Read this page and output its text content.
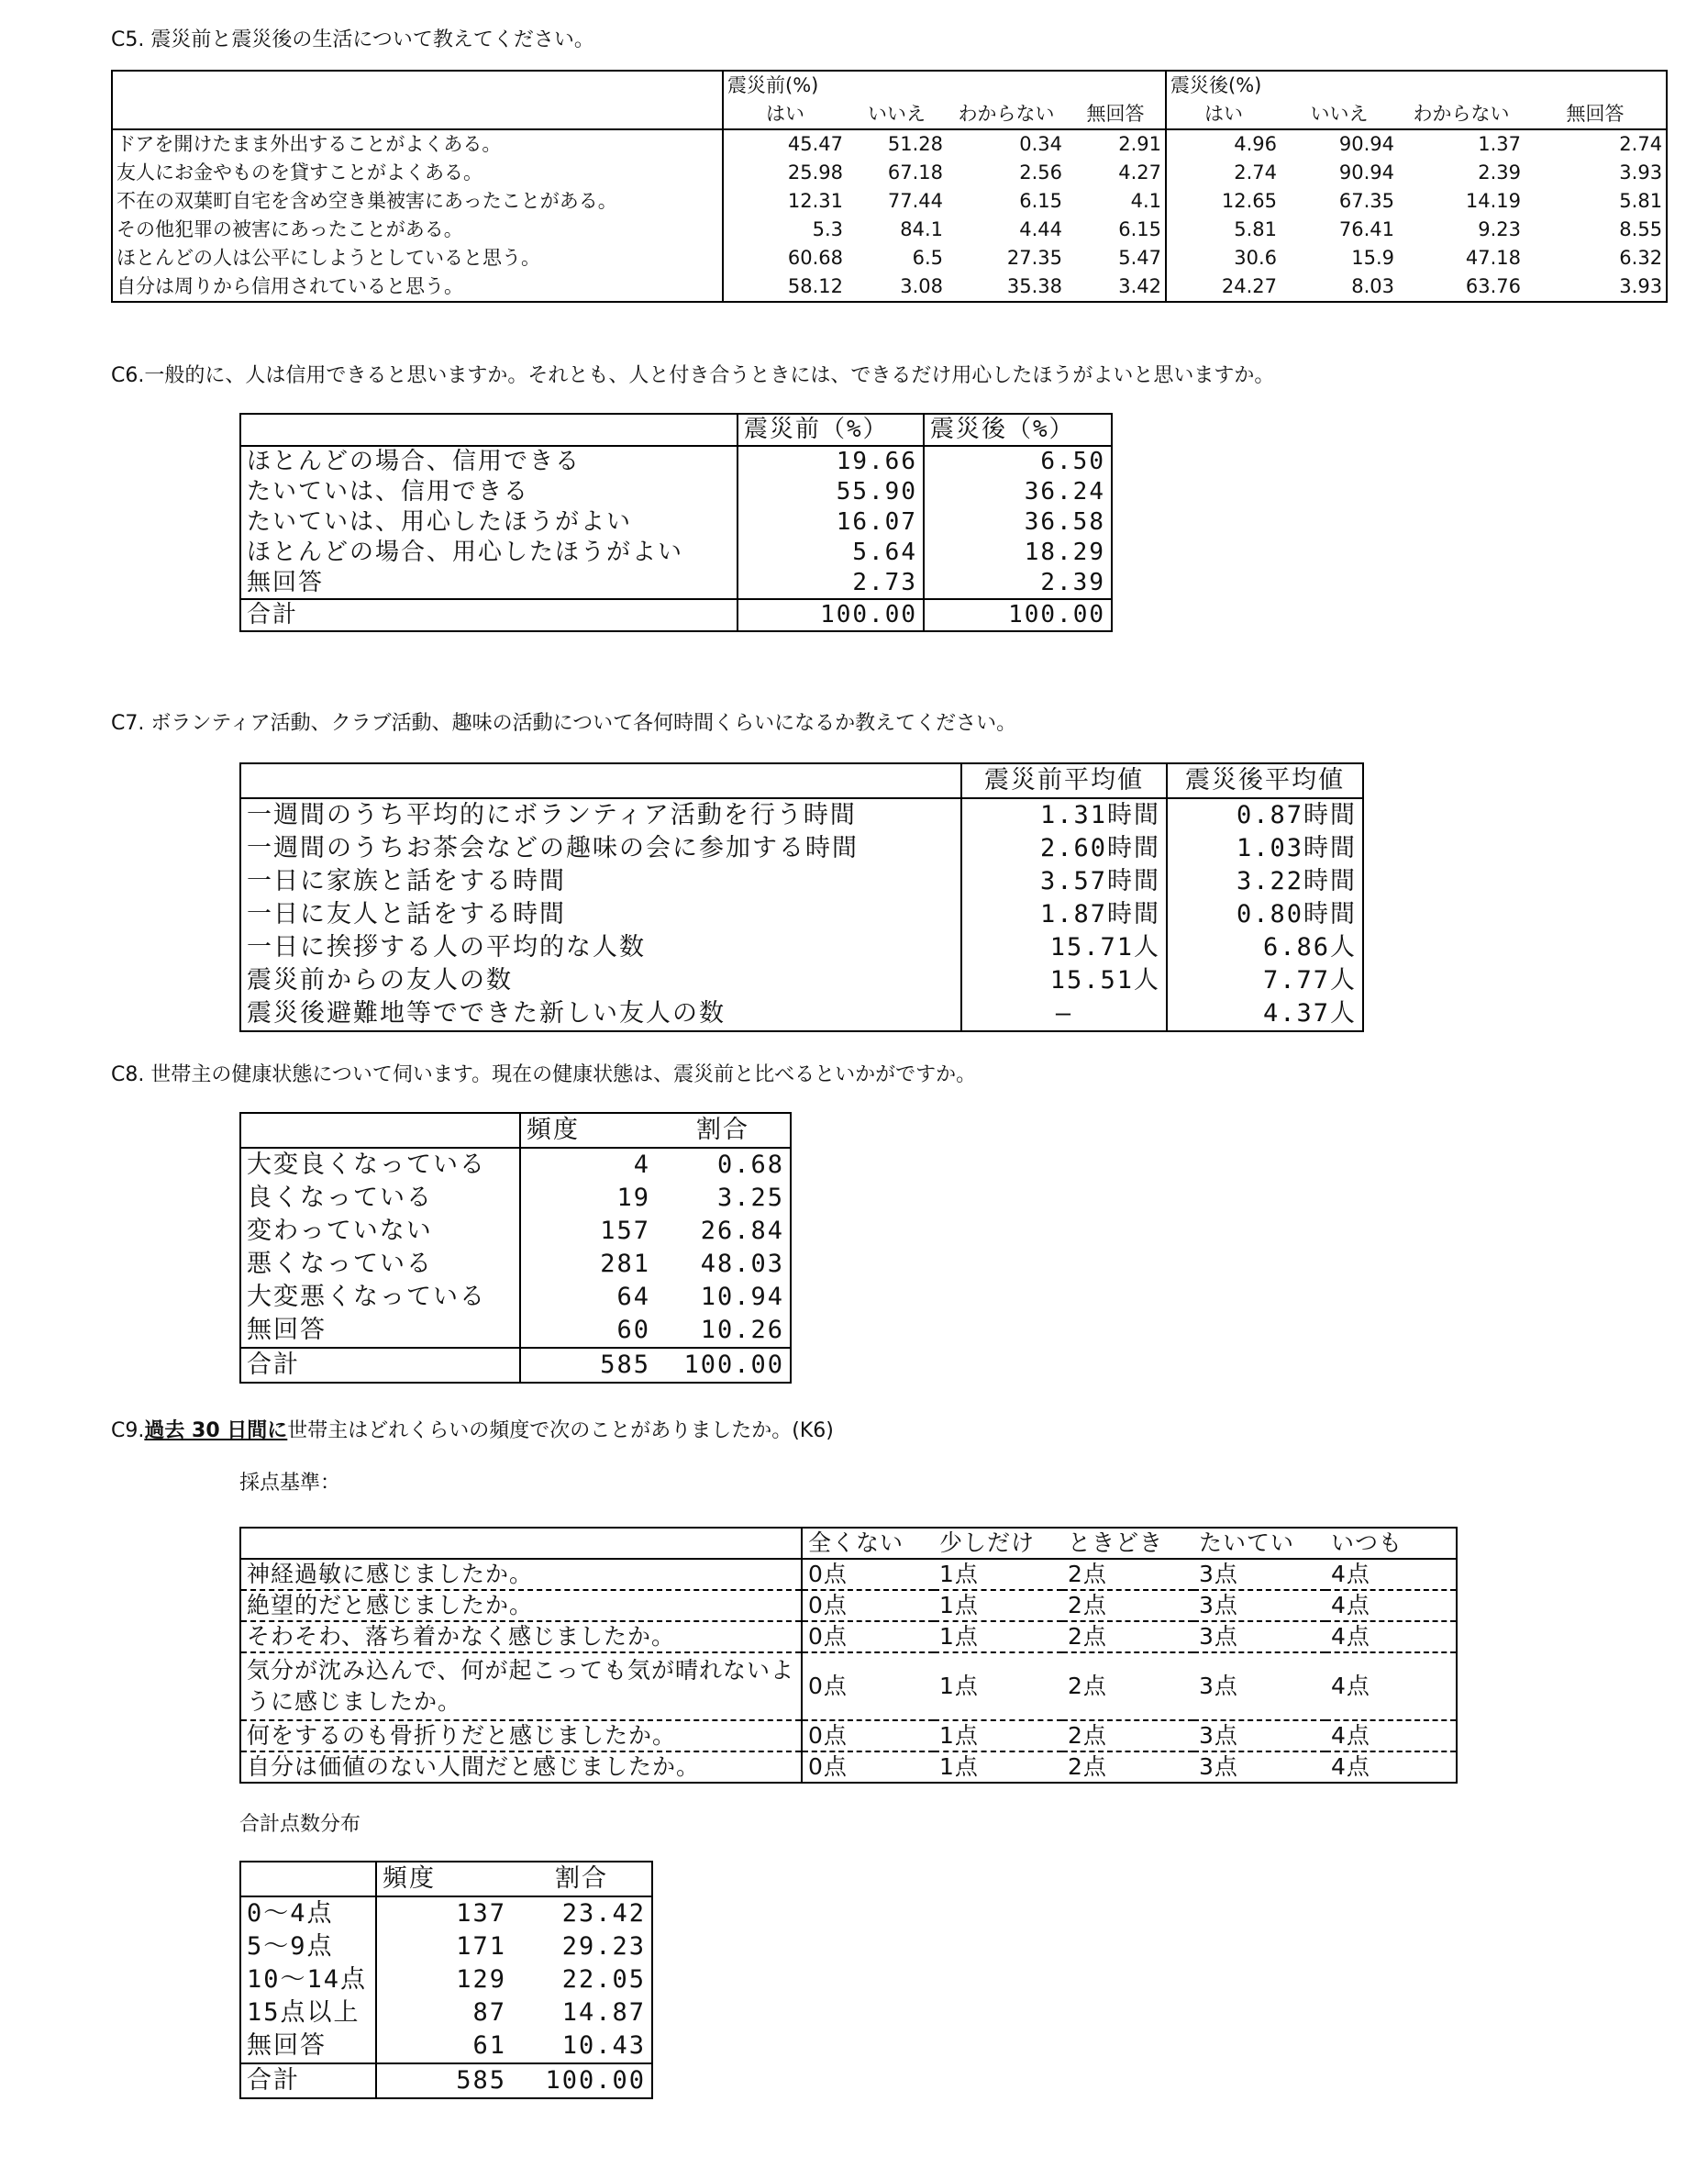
C5. 震災前と震災後の生活について教えてください。
	震災前(%)				震災後(%)			
	はい	いいえ	わからない	無回答	はい	いいえ	わからない	無回答
ドアを開けたまま外出することがよくある。	45.47	51.28	0.34	2.91	4.96	90.94	1.37	2.74
友人にお金やものを貸すことがよくある。	25.98	67.18	2.56	4.27	2.74	90.94	2.39	3.93
不在の双葉町自宅を含め空き巣被害にあったことがある。	12.31	77.44	6.15	4.1	12.65	67.35	14.19	5.81
その他犯罪の被害にあったことがある。	5.3	84.1	4.44	6.15	5.81	76.41	9.23	8.55
ほとんどの人は公平にしようとしていると思う。	60.68	6.5	27.35	5.47	30.6	15.9	47.18	6.32
自分は周りから信用されていると思う。	58.12	3.08	35.38	3.42	24.27	8.03	63.76	3.93
C6.一般的に、人は信用できると思いますか。それとも、人と付き合うときには、できるだけ用心したほうがよいと思いますか。
	震災前（%）	震災後（%）
ほとんどの場合、信用できる	19.66	6.50
たいていは、信用できる	55.90	36.24
たいていは、用心したほうがよい	16.07	36.58
ほとんどの場合、用心したほうがよい	5.64	18.29
無回答	2.73	2.39
合計	100.00	100.00
C7. ボランティア活動、クラブ活動、趣味の活動について各何時間くらいになるか教えてください。
	震災前平均値	震災後平均値
一週間のうち平均的にボランティア活動を行う時間	1.31時間	0.87時間
一週間のうちお茶会などの趣味の会に参加する時間	2.60時間	1.03時間
一日に家族と話をする時間	3.57時間	3.22時間
一日に友人と話をする時間	1.87時間	0.80時間
一日に挨拶する人の平均的な人数	15.71人	6.86人
震災前からの友人の数	15.51人	7.77人
震災後避難地等でできた新しい友人の数	—	4.37人
C8. 世帯主の健康状態について伺います。現在の健康状態は、震災前と比べるといかがですか。
	頻度	割合
大変良くなっている	4	0.68
良くなっている	19	3.25
変わっていない	157	26.84
悪くなっている	281	48.03
大変悪くなっている	64	10.94
無回答	60	10.26
合計	585	100.00
C9.過去 30 日間に世帯主はどれくらいの頻度で次のことがありましたか。(K6)
採点基準：
	全くない	少しだけ	ときどき	たいてい	いつも
神経過敏に感じましたか。	0点	1点	2点	3点	4点
絶望的だと感じましたか。	0点	1点	2点	3点	4点
そわそわ、落ち着かなく感じましたか。	0点	1点	2点	3点	4点
気分が沈み込んで、何が起こっても気が晴れないように感じましたか。	0点	1点	2点	3点	4点
何をするのも骨折りだと感じましたか。	0点	1点	2点	3点	4点
自分は価値のない人間だと感じましたか。	0点	1点	2点	3点	4点
合計点数分布
	頻度	割合
0～4点	137	23.42
5～9点	171	29.23
10～14点	129	22.05
15点以上	87	14.87
無回答	61	10.43
合計	585	100.00
